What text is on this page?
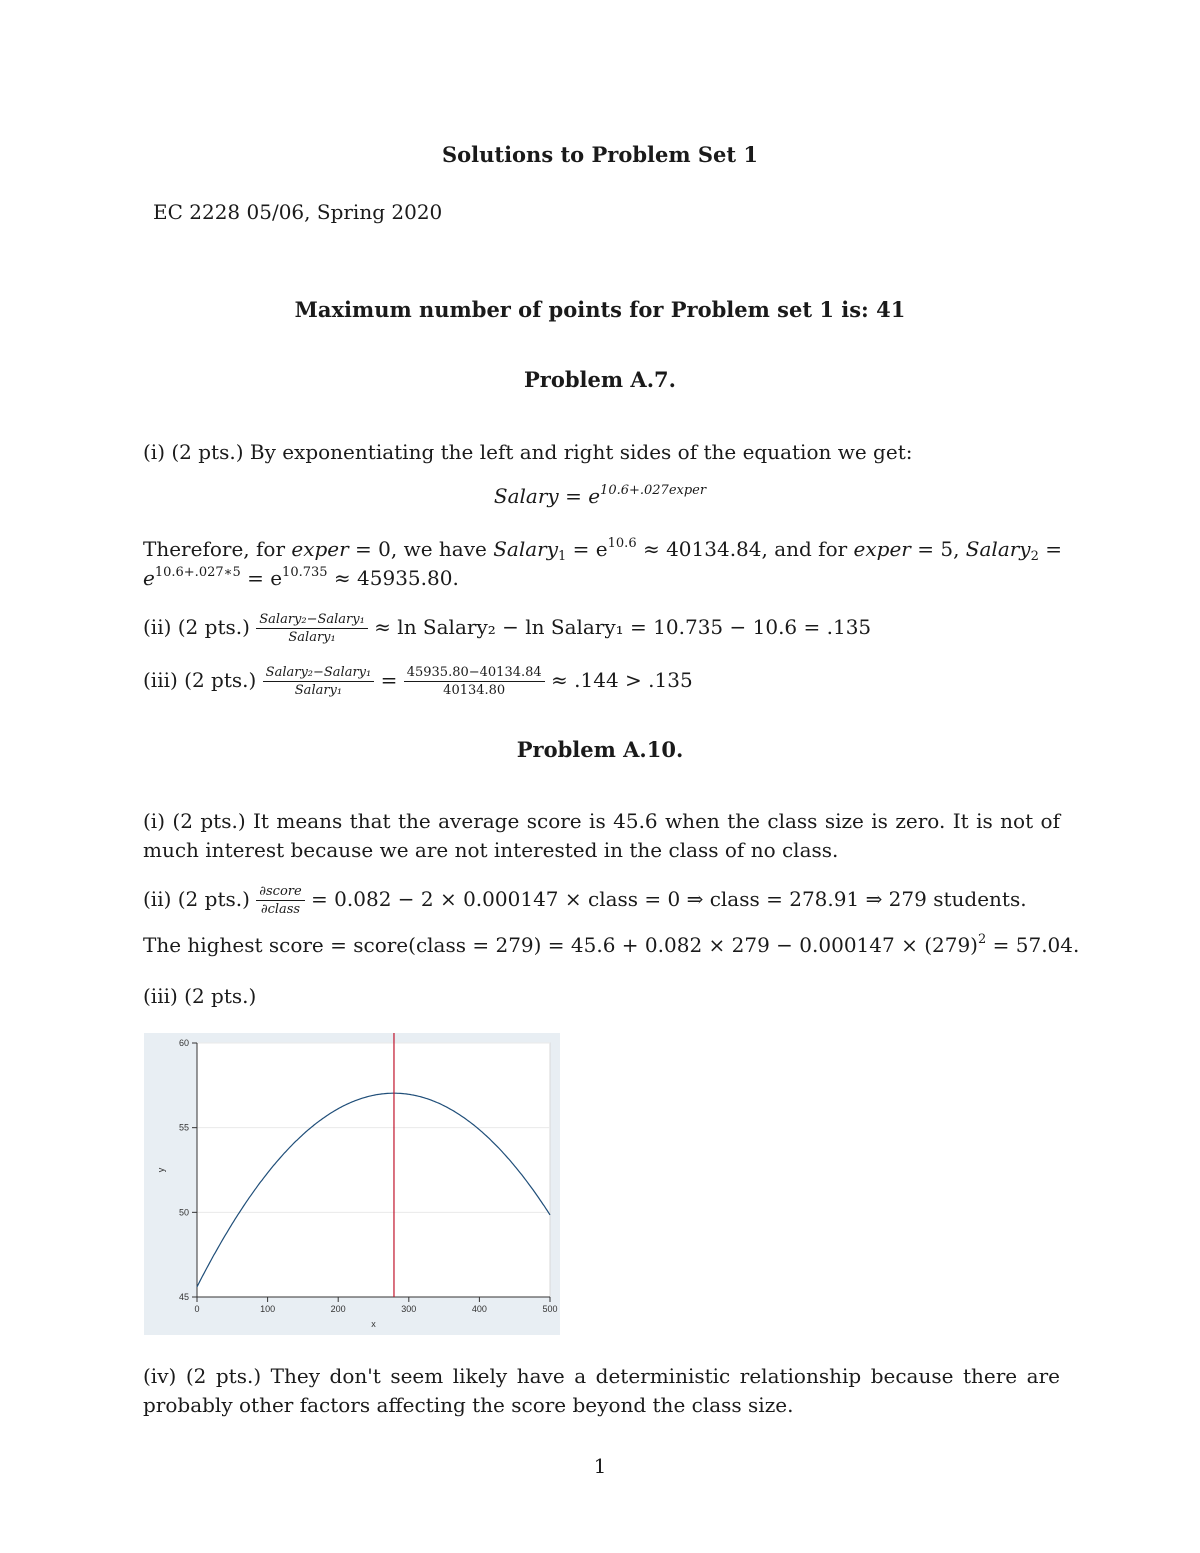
Solutions to Problem Set 1
EC 2228 05/06, Spring 2020
Maximum number of points for Problem set 1 is: 41
Problem A.7.
(i) (2 pts.) By exponentiating the left and right sides of the equation we get:
Salary = $e^{10.6+.027exper}$
Therefore, for exper = 0, we have Salary$_1$ = $e^{10.6} \approx 40134.84$, and for exper = 5, Salary$_2$ =
$e^{10.6+.027∗5} = e^{10.735} \approx 45935.80$.
(ii) (2 $pts.) \frac{\text{Salary₂−Salary₁}}{\text{Salary₁}} \approx \ln$ Salary₂ − ln Salary₁ = 10.735 − 10.6 = .135
(iii) (2 $pts.) \frac{\text{Salary₂−Salary₁}}{\text{Salary₁}} = \frac{45935.80-40134.84}{40134.80} \approx .144 > .135$
Problem A.10.
(i) (2 pts.) It means that the average score is 45.6 when the class size is zero. It is not of
much interest because we are not interested in the class of no class.
(ii) (2 $pts.) \frac{\text{∂score}}{\text{∂class}} = 0.082 - 2 \times 0.000147$ × class = 0 ⇒ class = 278.91 ⇒ 279 students.
The highest score = score(class = $279) = 45.6 + 0.082 \times 279 - 0.000147 \times (279)^2 = 57.04$.
(iii) (2 pts.)
45
50
55
60
0	100	200	300	400	500
x
y
(iv) (2 pts.) They don't seem likely have a deterministic relationship because there are
probably other factors affecting the score beyond the class size.
1
